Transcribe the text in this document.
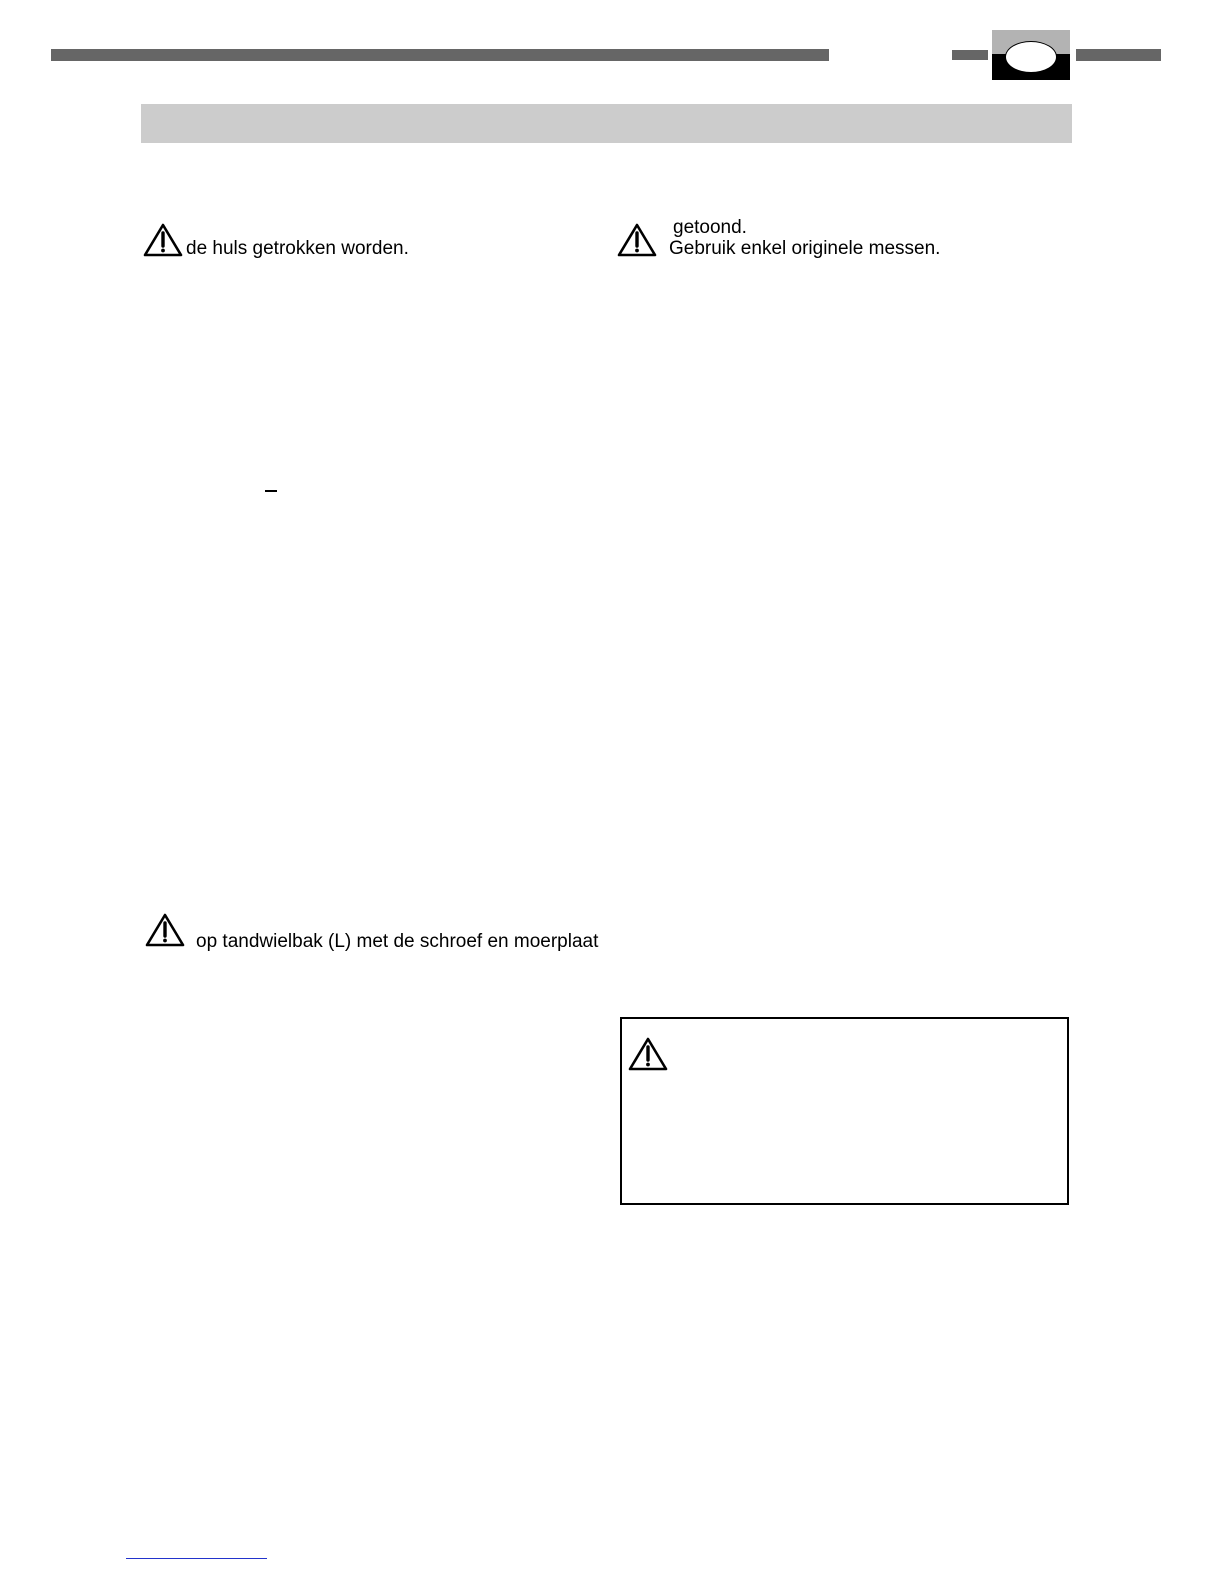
de huls getrokken worden.
getoond.
Gebruik enkel originele messen.
op tandwielbak (L) met de schroef en moerplaat
